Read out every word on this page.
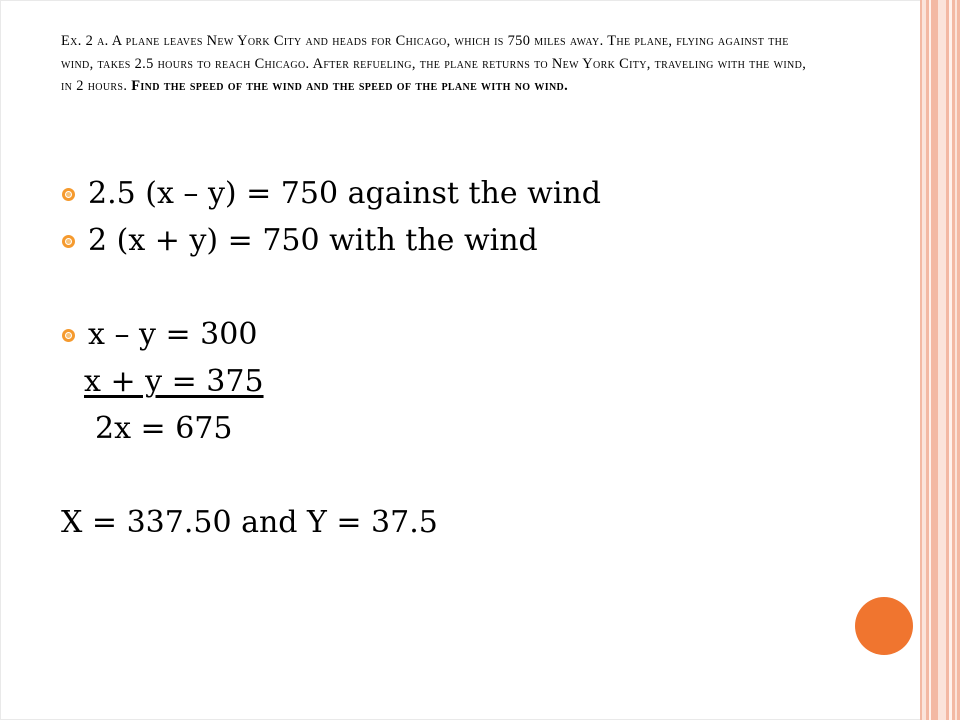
Ex. 2 a. A plane leaves New York City and heads for Chicago, which is 750 miles away. The plane, flying against the wind, takes 2.5 hours to reach Chicago. After refueling, the plane returns to New York City, traveling with the wind, in 2 hours. Find the speed of the wind and the speed of the plane with no wind.

2.5 (x – y) = 750 against the wind
2 (x + y) = 750 with the wind
x – y = 300
x + y = 375
2x = 675
X = 337.50 and Y = 37.5
